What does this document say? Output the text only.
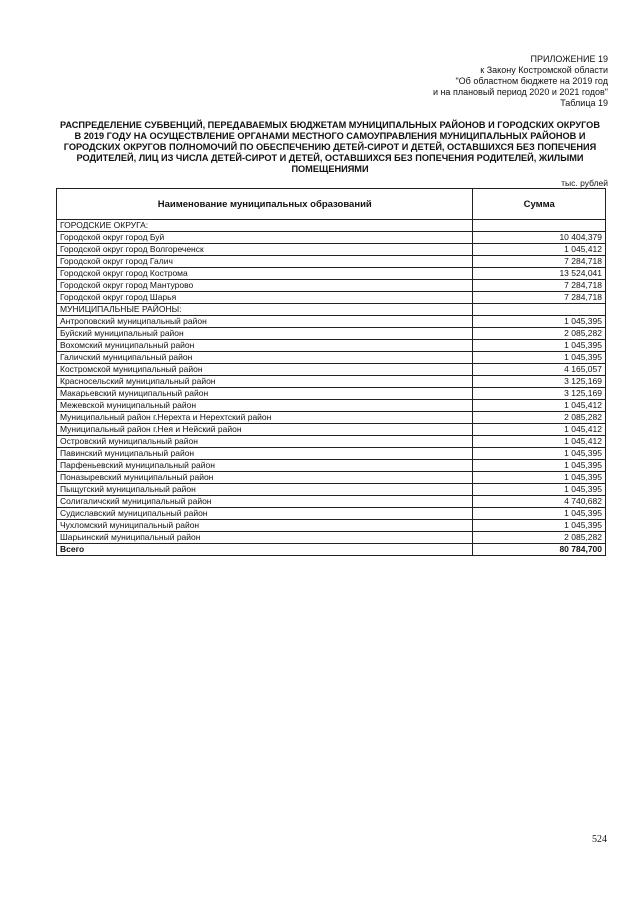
ПРИЛОЖЕНИЕ 19
к Закону Костромской области
"Об областном бюджете на 2019 год
и на плановый период 2020 и 2021 годов"
Таблица 19
РАСПРЕДЕЛЕНИЕ СУБВЕНЦИЙ, ПЕРЕДАВАЕМЫХ БЮДЖЕТАМ МУНИЦИПАЛЬНЫХ РАЙОНОВ И ГОРОДСКИХ ОКРУГОВ В 2019 ГОДУ НА ОСУЩЕСТВЛЕНИЕ ОРГАНАМИ МЕСТНОГО САМОУПРАВЛЕНИЯ МУНИЦИПАЛЬНЫХ РАЙОНОВ И ГОРОДСКИХ ОКРУГОВ ПОЛНОМОЧИЙ ПО ОБЕСПЕЧЕНИЮ ДЕТЕЙ-СИРОТ И ДЕТЕЙ, ОСТАВШИХСЯ БЕЗ ПОПЕЧЕНИЯ РОДИТЕЛЕЙ, ЛИЦ ИЗ ЧИСЛА ДЕТЕЙ-СИРОТ И ДЕТЕЙ, ОСТАВШИХСЯ БЕЗ ПОПЕЧЕНИЯ РОДИТЕЛЕЙ, ЖИЛЫМИ ПОМЕЩЕНИЯМИ
тыс. рублей
Наименование муниципальных образований	Сумма
ГОРОДСКИЕ ОКРУГА:	
Городской округ город Буй	10 404,379
Городской округ город Волгореченск	1 045,412
Городской округ город Галич	7 284,718
Городской округ город Кострома	13 524,041
Городской округ город Мантурово	7 284,718
Городской округ город Шарья	7 284,718
МУНИЦИПАЛЬНЫЕ РАЙОНЫ:	
Антроповский муниципальный район	1 045,395
Буйский муниципальный район	2 085,282
Вохомский муниципальный район	1 045,395
Галичский муниципальный район	1 045,395
Костромской муниципальный район	4 165,057
Красносельский муниципальный район	3 125,169
Макарьевский муниципальный район	3 125,169
Межевской муниципальный район	1 045,412
Муниципальный район г.Нерехта и Нерехтский район	2 085,282
Муниципальный район г.Нея и Нейский район	1 045,412
Островский муниципальный район	1 045,412
Павинский муниципальный район	1 045,395
Парфеньевский муниципальный район	1 045,395
Поназыревский муниципальный район	1 045,395
Пыщугский муниципальный район	1 045,395
Солигаличский муниципальный район	4 740,682
Судиславский муниципальный район	1 045,395
Чухломский муниципальный район	1 045,395
Шарьинский муниципальный район	2 085,282
Всего	80 784,700
524
